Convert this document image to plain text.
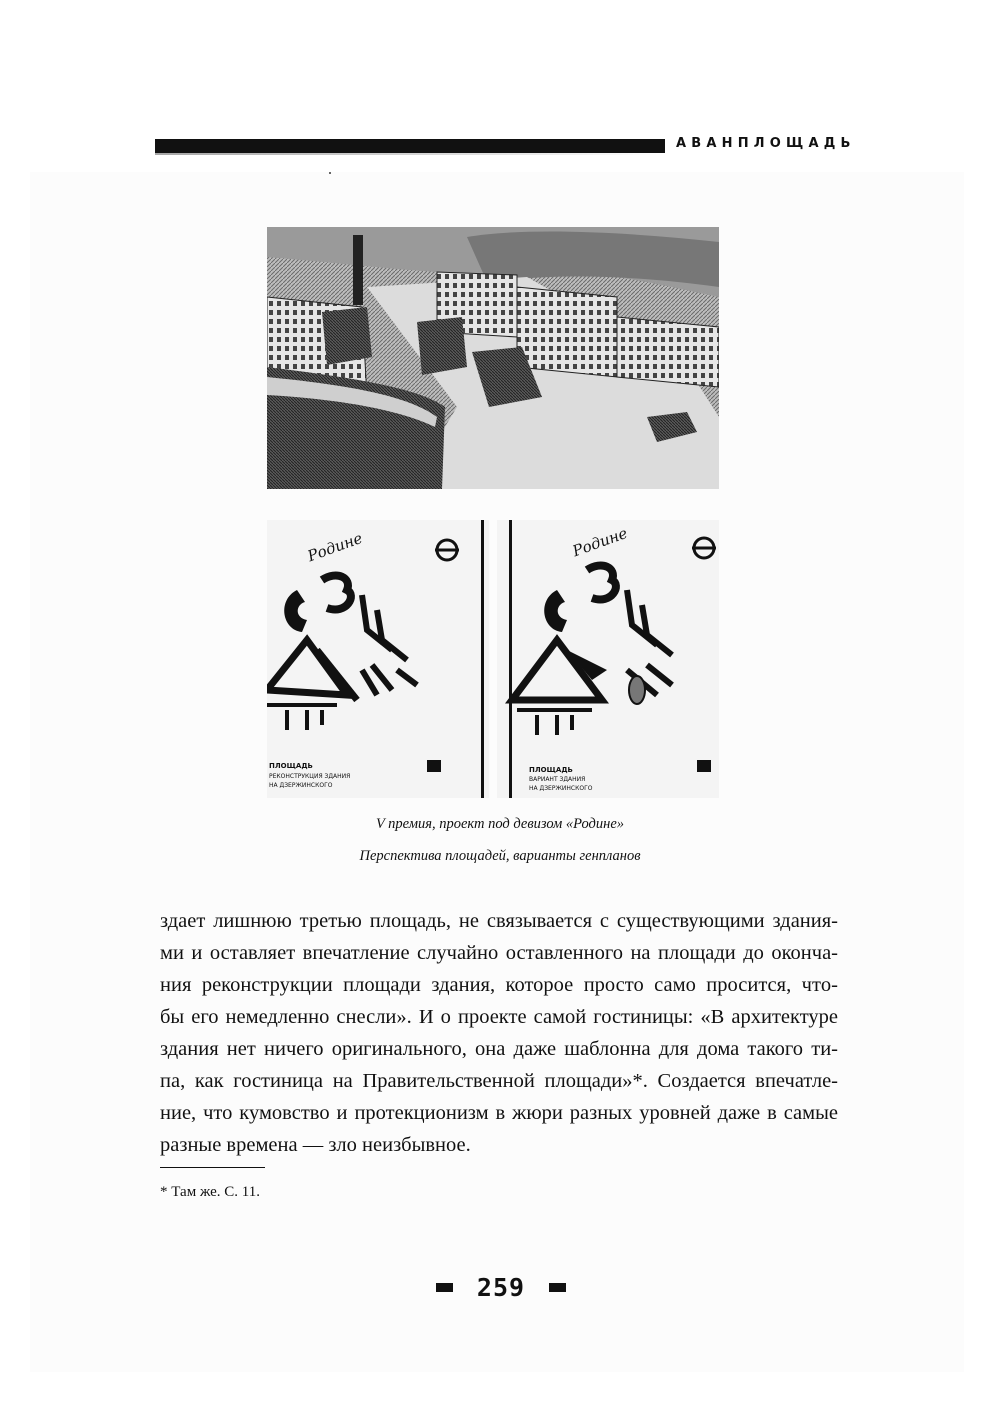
АВАНПЛОЩАДЬ
Родине
ПЛОЩАДЬ
РЕКОНСТРУКЦИЯ ЗДАНИЯ
НА ДЗЕРЖИНСКОГО
Родине
ПЛОЩАДЬ
ВАРИАНТ ЗДАНИЯ
НА ДЗЕРЖИНСКОГО
V премия, проект под девизом «Родине»
Перспектива площадей, варианты генпланов
здает лишнюю третью площадь, не связывается с существующими здания-
ми и оставляет впечатление случайно оставленного на площади до оконча-
ния реконструкции площади здания, которое просто само просится, чтo-
бы его немедленно снесли». И о проекте самой гостиницы: «В архитектуре
здания нет ничего оригинального, она даже шаблонна для дома такого ти-
па, как гостиница на Правительственной площади»*. Создается впечатле-
ние, что кумовство и протекционизм в жюри разных уровней даже в самые
разные времена — зло неизбывное.
* Там же. С. 11.
259
